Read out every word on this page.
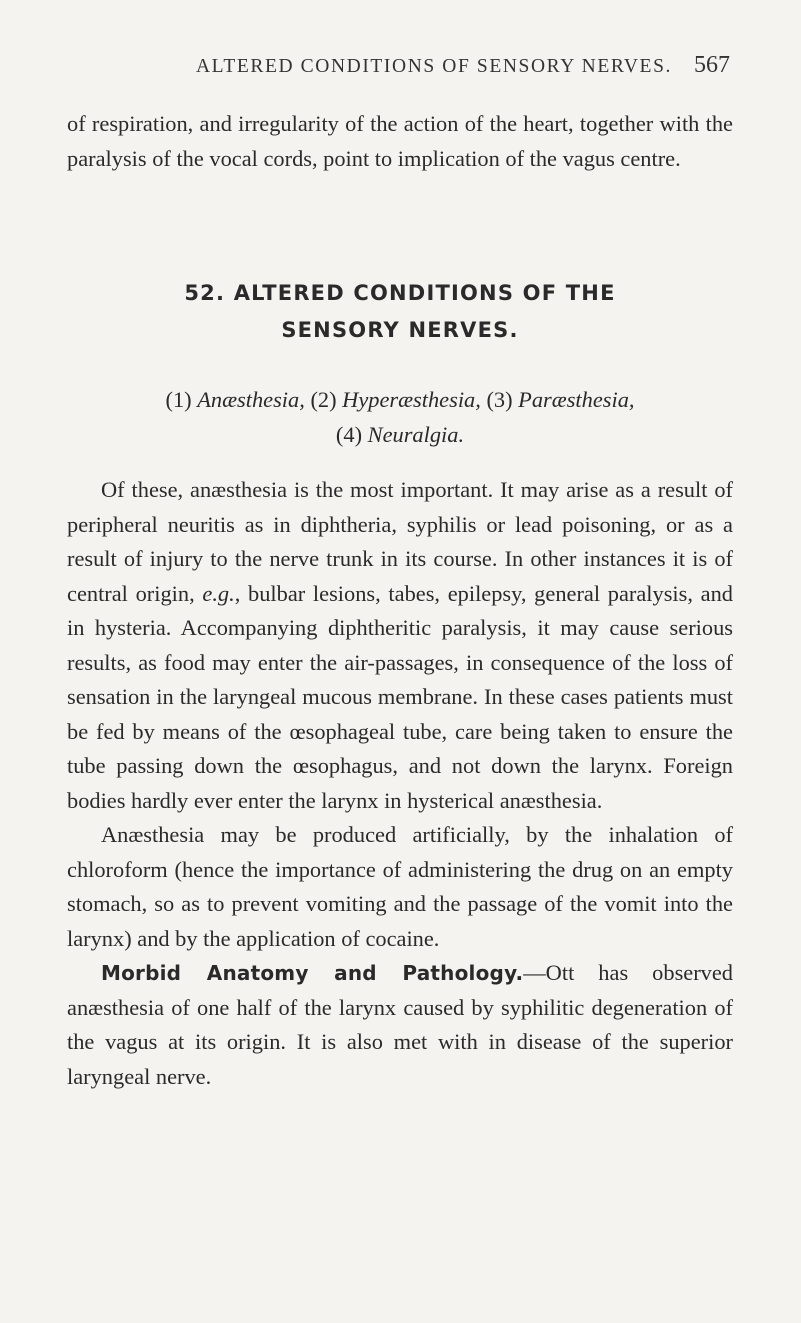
ALTERED CONDITIONS OF SENSORY NERVES. 567

of respiration, and irregularity of the action of the heart, together with the paralysis of the vocal cords, point to implication of the vagus centre.

52. ALTERED CONDITIONS OF THE
SENSORY NERVES.
(1) Anæsthesia, (2) Hyperæsthesia, (3) Paræsthesia,
(4) Neuralgia.

Of these, anæsthesia is the most important. It may arise as a result of peripheral neuritis as in diphtheria, syphilis or lead poisoning, or as a result of injury to the nerve trunk in its course. In other instances it is of central origin, e.g., bulbar lesions, tabes, epilepsy, general paralysis, and in hysteria. Accompanying diphtheritic paralysis, it may cause serious results, as food may enter the air-passages, in consequence of the loss of sensation in the laryngeal mucous membrane. In these cases patients must be fed by means of the œsophageal tube, care being taken to ensure the tube passing down the œsophagus, and not down the larynx. Foreign bodies hardly ever enter the larynx in hysterical anæsthesia.

Anæsthesia may be produced artificially, by the inhalation of chloroform (hence the importance of administering the drug on an empty stomach, so as to prevent vomiting and the passage of the vomit into the larynx) and by the application of cocaine.

Morbid Anatomy and Pathology.—Ott has observed anæsthesia of one half of the larynx caused by syphilitic degeneration of the vagus at its origin. It is also met with in disease of the superior laryngeal nerve.
